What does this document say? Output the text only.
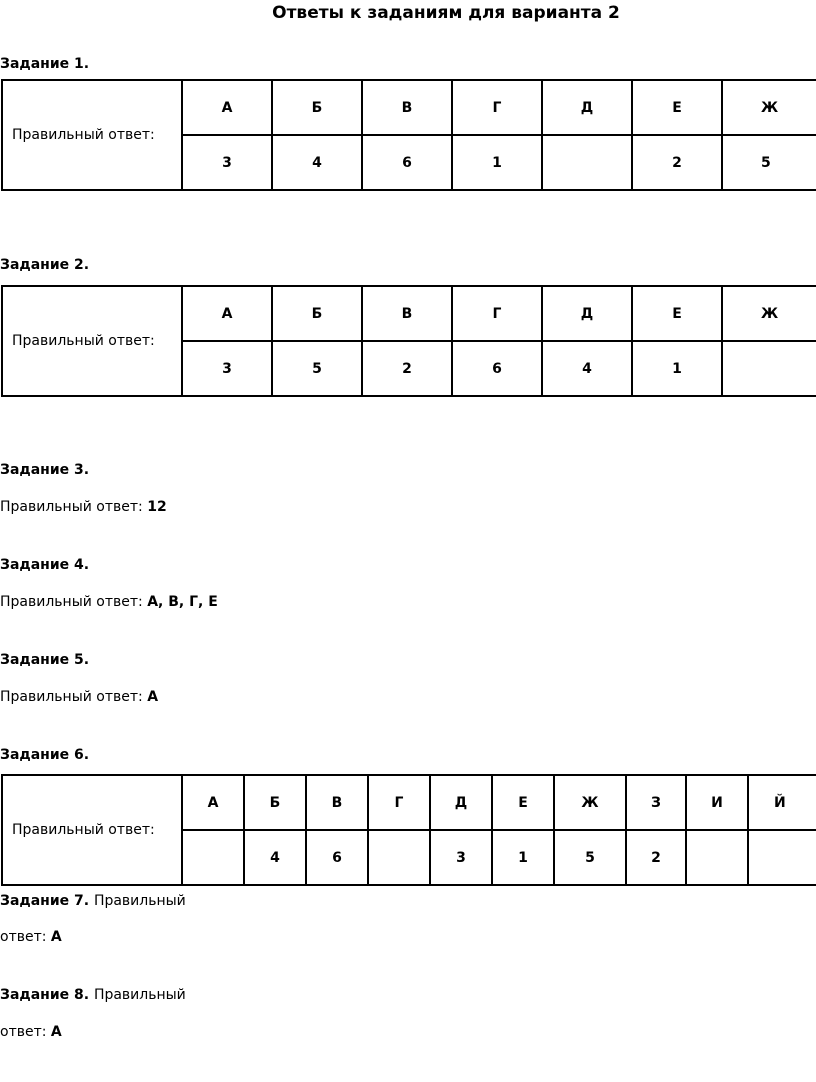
Ответы к заданиям для варианта 2
Задание 1.
Правильный ответ:	А	Б	В	Г	Д	Е	Ж
	3	4	6	1		2	5
Задание 2.
Правильный ответ:	А	Б	В	Г	Д	Е	Ж
	3	5	2	6	4	1	
Задание 3.
Правильный ответ: 12
Задание 4.
Правильный ответ: А, В, Г, Е
Задание 5.
Правильный ответ: А
Задание 6.
Правильный ответ:	А	Б	В	Г	Д	Е	Ж	З	И	Й
		4	6		3	1	5	2		
Задание 7. Правильный
ответ: А
Задание 8. Правильный
ответ: А
